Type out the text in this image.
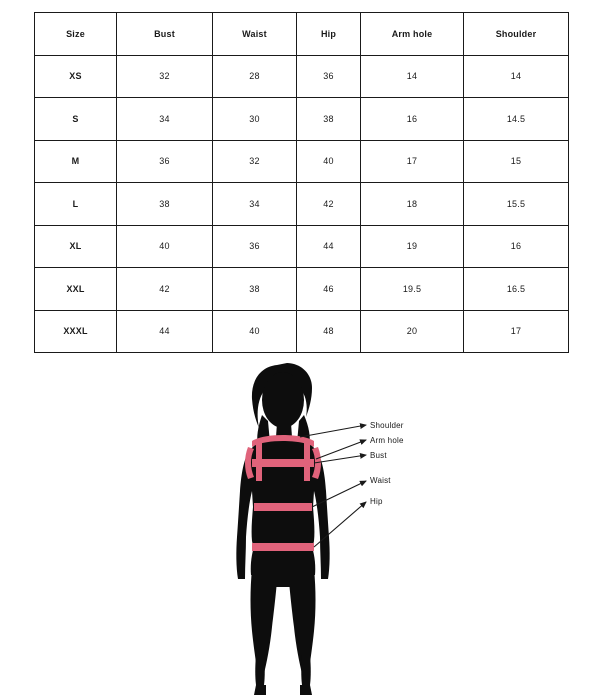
Size	Bust	Waist	Hip	Arm hole	Shoulder
XS	32	28	36	14	14
S	34	30	38	16	14.5
M	36	32	40	17	15
L	38	34	42	18	15.5
XL	40	36	44	19	16
XXL	42	38	46	19.5	16.5
XXXL	44	40	48	20	17
Shoulder
Arm hole
Bust
Waist
Hip
